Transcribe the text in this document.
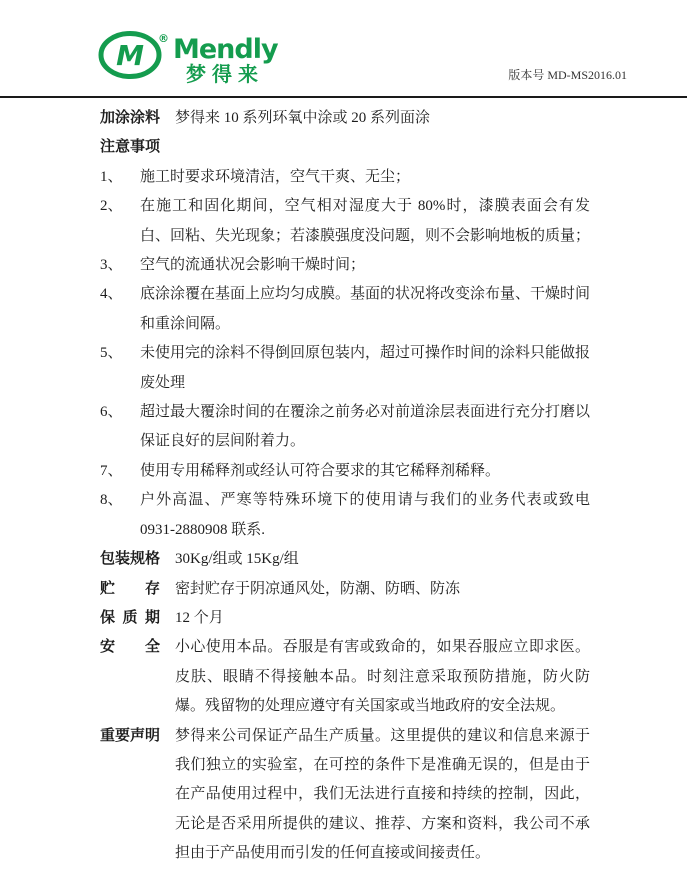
M
® Mendly
梦得来	版本号 MD-MS2016.01
加涂涂料 梦得来 10 系列环氧中涂或 20 系列面涂
注意事项
1、	施工时要求环境清洁，空气干爽、无尘；
2、	在施工和固化期间，空气相对湿度大于 80%时，漆膜表面会有发白、回粘、失光现象；若漆膜强度没问题，则不会影响地板的质量；
3、	空气的流通状况会影响干燥时间；
4、	底涂涂覆在基面上应均匀成膜。基面的状况将改变涂布量、干燥时间和重涂间隔。
5、	未使用完的涂料不得倒回原包装内，超过可操作时间的涂料只能做报废处理
6、	超过最大覆涂时间的在覆涂之前务必对前道涂层表面进行充分打磨以保证良好的层间附着力。
7、	使用专用稀释剂或经认可符合要求的其它稀释剂稀释。
8、	户外高温、严寒等特殊环境下的使用请与我们的业务代表或致电 0931-2880908 联系.
包装规格 30Kg/组或 15Kg/组
贮存 密封贮存于阴凉通风处，防潮、防晒、防冻
保质期 12 个月
安全 小心使用本品。吞服是有害或致命的，如果吞服应立即求医。皮肤、眼睛不得接触本品。时刻注意采取预防措施，防火防爆。残留物的处理应遵守有关国家或当地政府的安全法规。
重要声明 梦得来公司保证产品生产质量。这里提供的建议和信息来源于我们独立的实验室，在可控的条件下是准确无误的，但是由于在产品使用过程中，我们无法进行直接和持续的控制，因此，无论是否采用所提供的建议、推荐、方案和资料，我公司不承担由于产品使用而引发的任何直接或间接责任。
